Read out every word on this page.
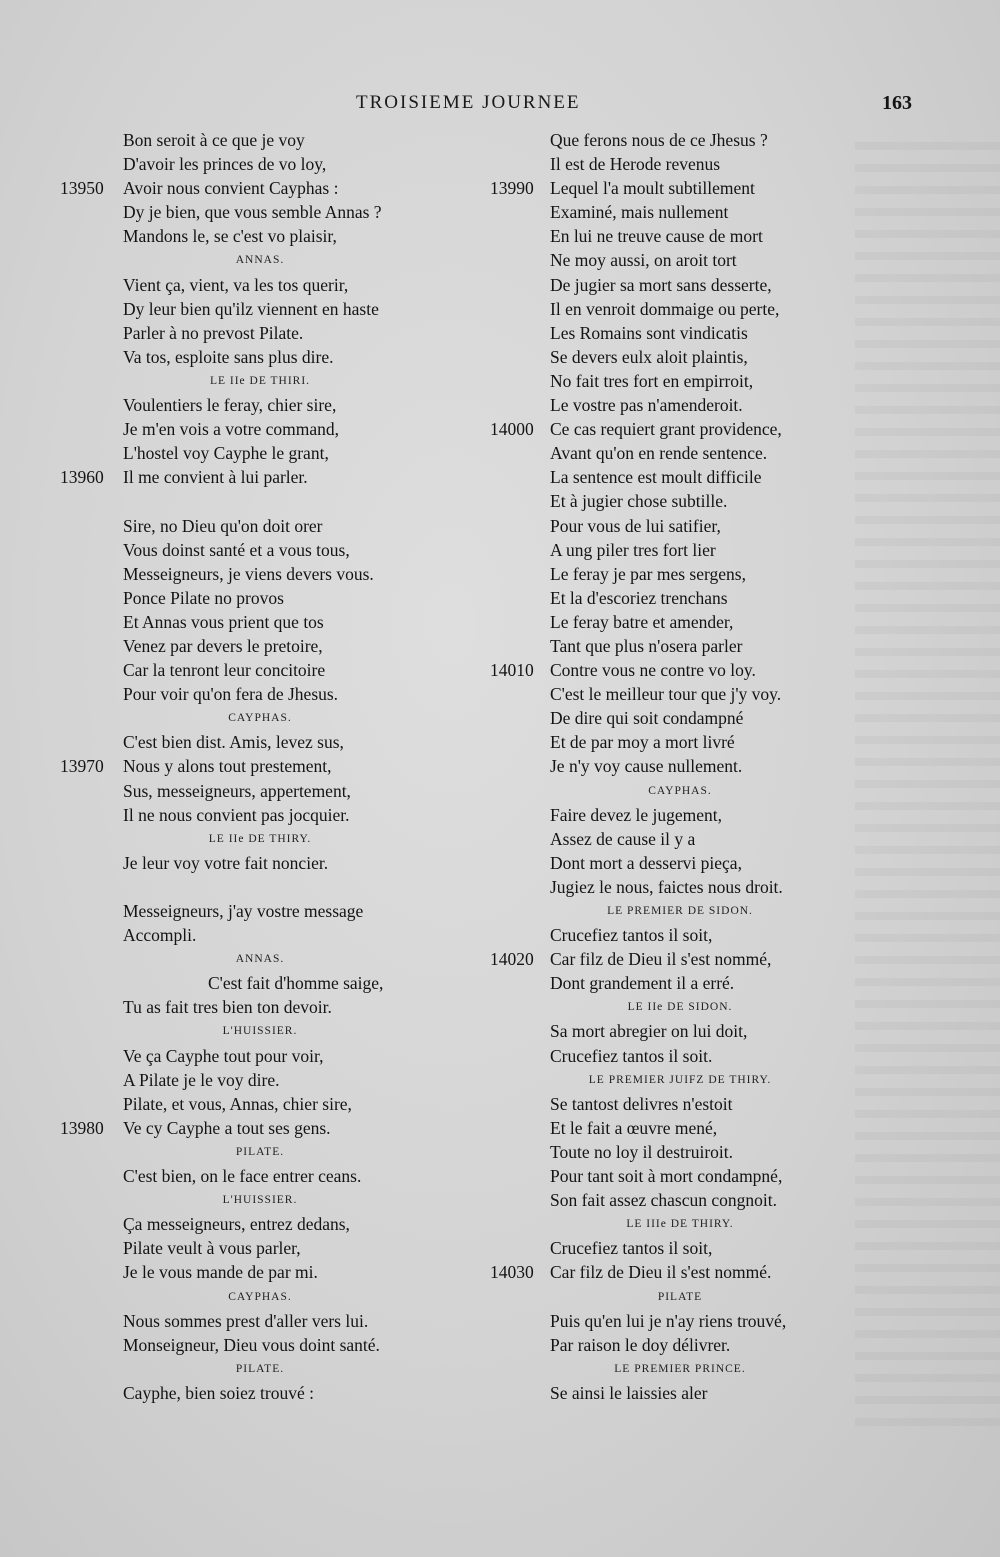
TROISIEME JOURNEE	163
Bon seroit à ce que je voy
D'avoir les princes de vo loy,
13950 Avoir nous convient Cayphas :
Dy je bien, que vous semble Annas ?
Mandons le, se c'est vo plaisir,
ANNAS.
Vient ça, vient, va les tos querir,
Dy leur bien qu'ilz viennent en haste
Parler à no prevost Pilate.
Va tos, esploite sans plus dire.
LE IIe DE THIRI.
Voulentiers le feray, chier sire,
Je m'en vois a votre command,
L'hostel voy Cayphe le grant,
13960 Il me convient à lui parler.
Sire, no Dieu qu'on doit orer
Vous doinst santé et a vous tous,
Messeigneurs, je viens devers vous.
Ponce Pilate no provos
Et Annas vous prient que tos
Venez par devers le pretoire,
Car la tenront leur concitoire
Pour voir qu'on fera de Jhesus.
CAYPHAS.
C'est bien dist. Amis, levez sus,
13970 Nous y alons tout prestement,
Sus, messeigneurs, appertement,
Il ne nous convient pas jocquier.
LE IIe DE THIRY.
Je leur voy votre fait noncier.
Messeigneurs, j'ay vostre message
Accompli.
ANNAS.
C'est fait d'homme saige,
Tu as fait tres bien ton devoir.
L'HUISSIER.
Ve ça Cayphe tout pour voir,
A Pilate je le voy dire.
Pilate, et vous, Annas, chier sire,
13980 Ve cy Cayphe a tout ses gens.
PILATE.
C'est bien, on le face entrer ceans.
L'HUISSIER.
Ça messeigneurs, entrez dedans,
Pilate veult à vous parler,
Je le vous mande de par mi.
CAYPHAS.
Nous sommes prest d'aller vers lui.
Monseigneur, Dieu vous doint santé.
PILATE.
Cayphe, bien soiez trouvé :
Que ferons nous de ce Jhesus ?
Il est de Herode revenus
13990 Lequel l'a moult subtillement
Examiné, mais nullement
En lui ne treuve cause de mort
Ne moy aussi, on aroit tort
De jugier sa mort sans desserte,
Il en venroit dommaige ou perte,
Les Romains sont vindicatis
Se devers eulx aloit plaintis,
No fait tres fort en empirroit,
Le vostre pas n'amenderoit.
14000 Ce cas requiert grant providence,
Avant qu'on en rende sentence.
La sentence est moult difficile
Et à jugier chose subtille.
Pour vous de lui satifier,
A ung piler tres fort lier
Le feray je par mes sergens,
Et la d'escoriez trenchans
Le feray batre et amender,
Tant que plus n'osera parler
14010 Contre vous ne contre vo loy.
C'est le meilleur tour que j'y voy.
De dire qui soit condampné
Et de par moy a mort livré
Je n'y voy cause nullement.
CAYPHAS.
Faire devez le jugement,
Assez de cause il y a
Dont mort a desservi pieça,
Jugiez le nous, faictes nous droit.
LE PREMIER DE SIDON.
Crucefiez tantos il soit,
14020 Car filz de Dieu il s'est nommé,
Dont grandement il a erré.
LE IIe DE SIDON.
Sa mort abregier on lui doit,
Crucefiez tantos il soit.
LE PREMIER JUIFZ DE THIRY.
Se tantost delivres n'estoit
Et le fait a œuvre mené,
Toute no loy il destruiroit.
Pour tant soit à mort condampné,
Son fait assez chascun congnoit.
LE IIIe DE THIRY.
Crucefiez tantos il soit,
14030 Car filz de Dieu il s'est nommé.
PILATE
Puis qu'en lui je n'ay riens trouvé,
Par raison le doy délivrer.
LE PREMIER PRINCE.
Se ainsi le laissies aler
